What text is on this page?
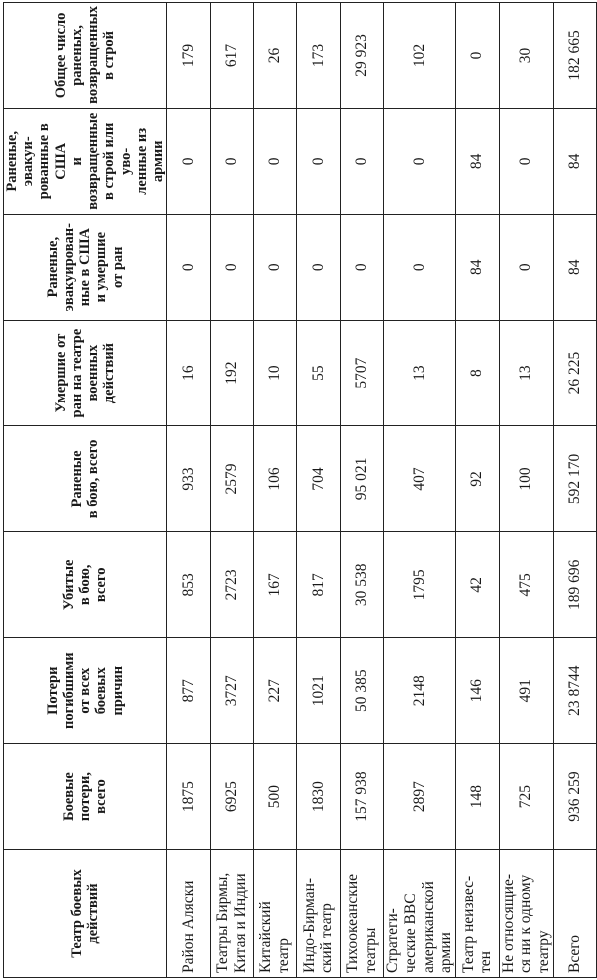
Театр боевых
действий	Боевые
потери,
всего	Потери
погибшими
от всех
боевых
причин	Убитые
в бою,
всего	Раненые
в бою, всего	Умершие от
ран на театре
военных
действий	Раненые,
эвакуирован-
ные в США
и умершие
от ран	Раненые, эвакуи-
рованные в США
и возвращенные
в строй или уво-
ленные из армии	Общее число
раненых,
возвращенных
в строй	
Район Аляски	1875	877	853	933	16	0	0	179	
Театры Бирмы,
Китая и Индии	6925	3727	2723	2579	192	0	0	617	
Китайский
театр	500	227	167	106	10	0	0	26	
Индо-Бирман-
ский театр	1830	1021	817	704	55	0	0	173	
Тихоокеанские
театры	157 938	50 385	30 538	95 021	5707	0	0	29 923	
Стратеги-
ческие ВВС
американской
армии	2897	2148	1795	407	13	0	0	102	
Театр неизвес-
тен	148	146	42	92	8	84	84	0	
Не относящие-
ся ни к одному
театру	725	491	475	100	13	0	0	30	
Всего	936 259	23 8744	189 696	592 170	26 225	84	84	182 665	
